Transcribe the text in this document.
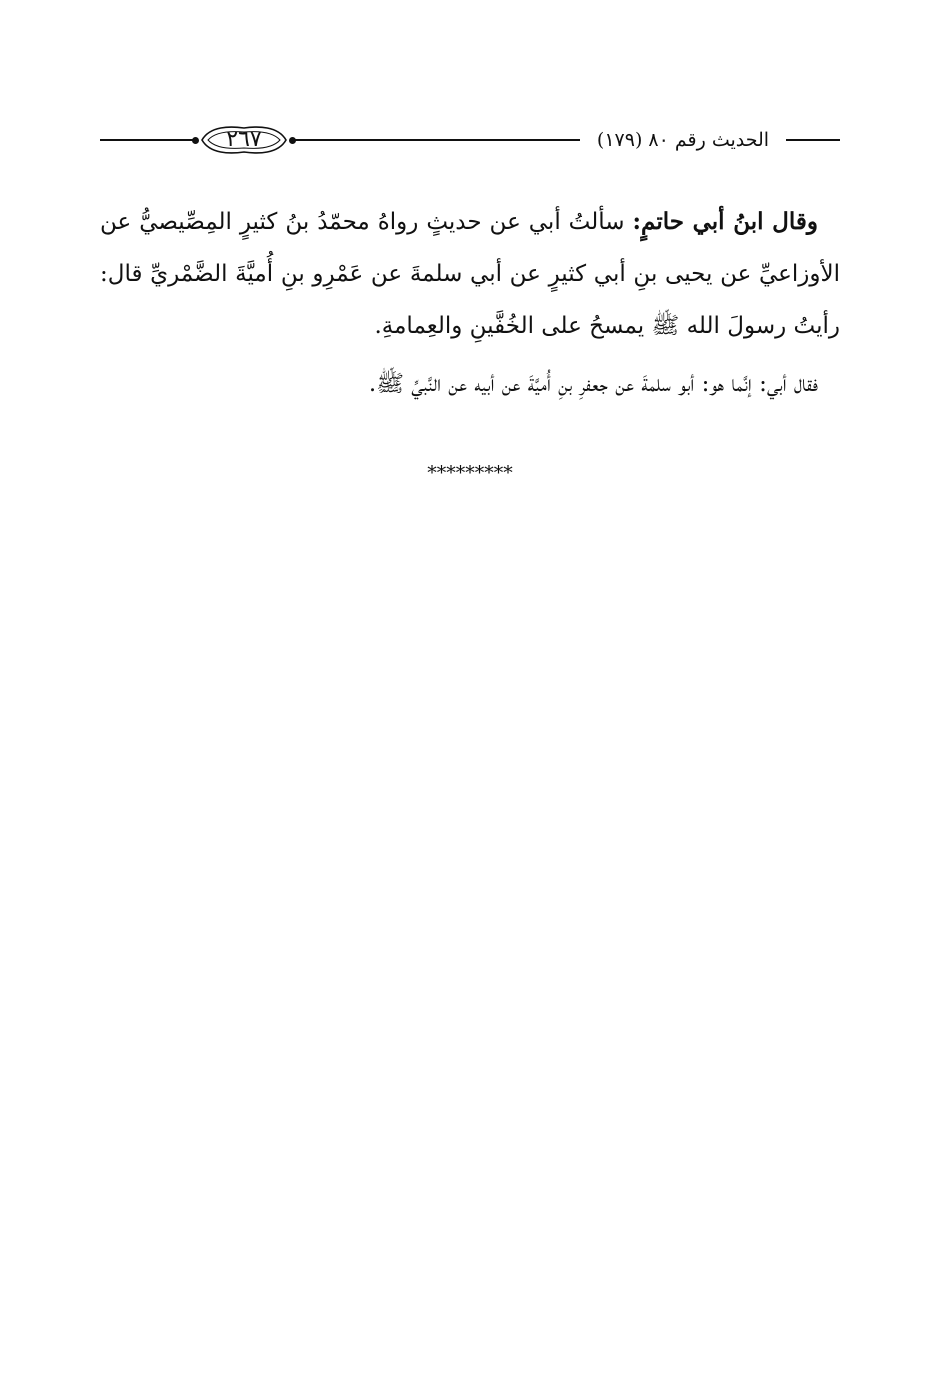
٢٦٧	الحديث رقم ٨٠ (١٧٩)

وقال ابنُ أبي حاتمٍ: سألتُ أبي عن حديثٍ رواهُ محمّدُ بنُ كثيرٍ المِصِّيصيُّ عن الأوزاعيِّ عن يحيى بنِ أبي كثيرٍ عن أبي سلمةَ عن عَمْرِو بنِ أُميَّةَ الضَّمْريِّ قال: رأيتُ رسولَ الله ﷺ يمسحُ على الخُفَّينِ والعِمامةِ.

فقال أبي: إنَّما هو: أبو سلمةَ عن جعفرِ بنِ أُميَّةَ عن أبيه عن النَّبيِّ ﷺ.

*********
